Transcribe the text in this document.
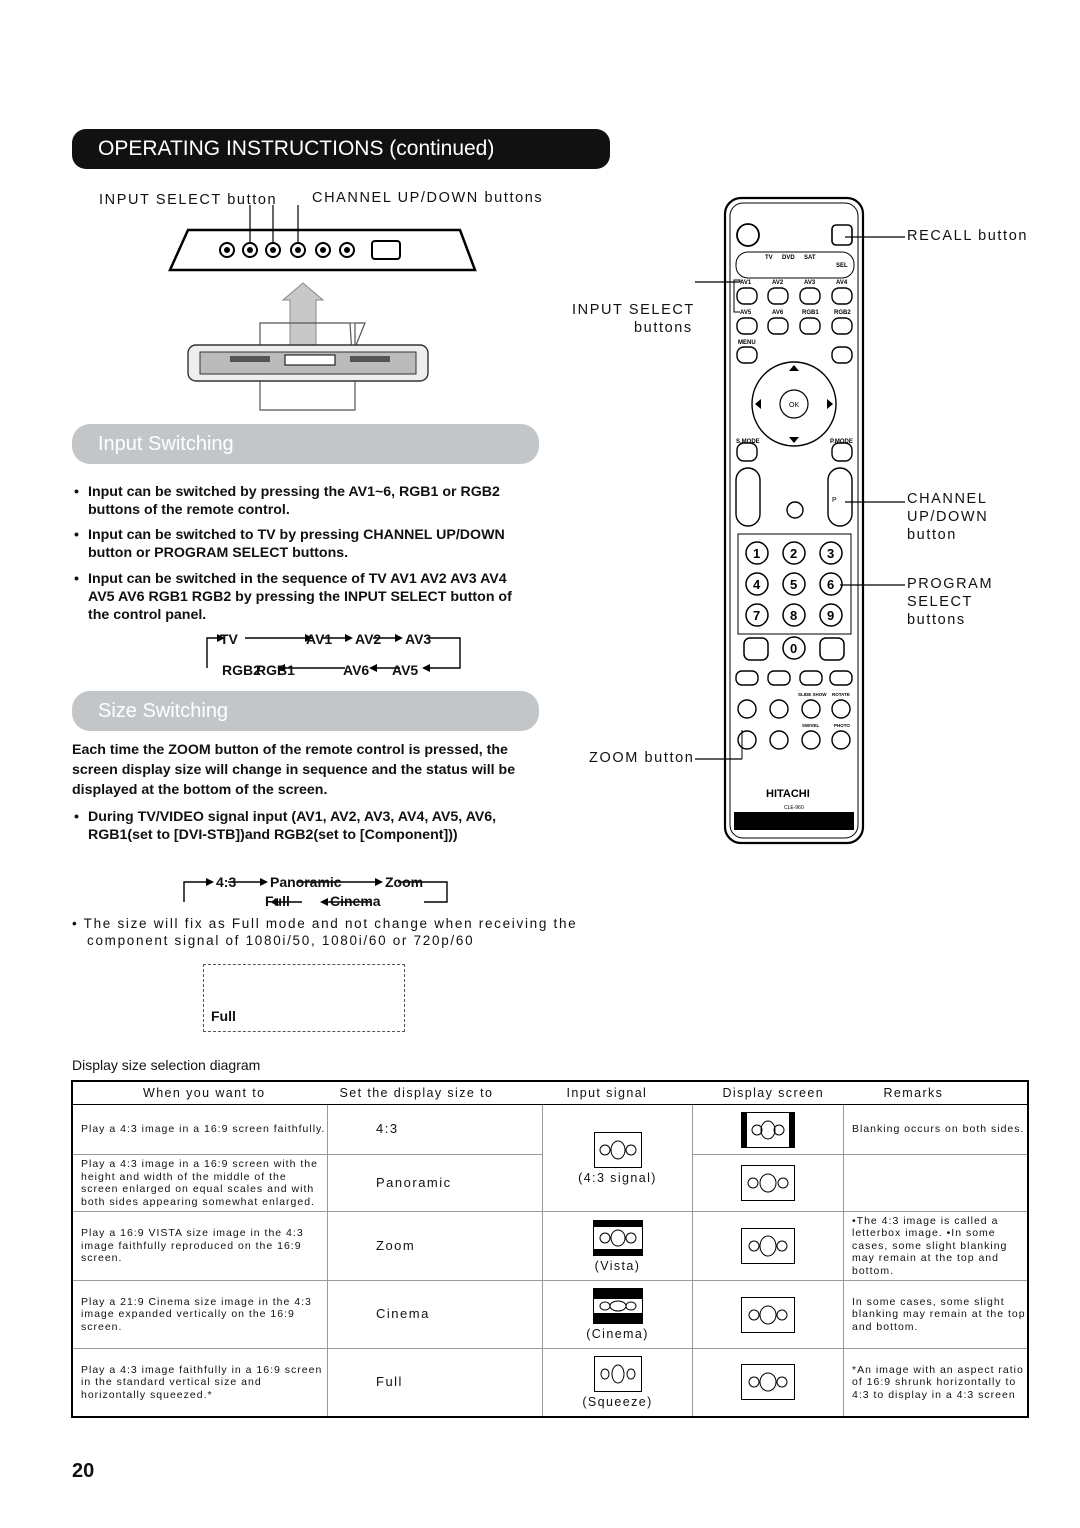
OPERATING INSTRUCTIONS (continued)
INPUT SELECT button CHANNEL UP/DOWN buttons
TV DVD SAT
SEL
AV1	AV2	AV3	AV4
AV5	AV6	RGB1	RGB2
MENU
S.MODE	P.MODE
OK
P
1 2 3
4 5 6
7 8 9
0
SLIDE SHOW ROTATE
SWIVEL	PHOTO
HITACHI
CLE-960
RECALL button
INPUT SELECT
buttons
CHANNEL
UP/DOWN
button
PROGRAM
SELECT
buttons
ZOOM button
Input Switching
• Input can be switched by pressing the AV1~6, RGB1 or RGB2 buttons of the remote control.
• Input can be switched to TV by pressing CHANNEL UP/DOWN button or PROGRAM SELECT buttons.
• Input can be switched in the sequence of TV AV1 AV2 AV3 AV4 AV5 AV6 RGB1 RGB2 by pressing the INPUT SELECT button of the control panel.
TV	AV1 AV2 AV3
RGB2
RGB1	AV6 AV5
Size Switching
Each time the ZOOM button of the remote control is pressed, the screen display size will change in sequence and the status will be displayed at the bottom of the screen.
• During TV/VIDEO signal input (AV1, AV2, AV3, AV4, AV5, AV6, RGB1(set to [DVI-STB])and RGB2(set to [Component]))
4:3 Panoramic	Zoom
Full	Cinema
• The size will fix as Full mode and not change when receiving the
component signal of 1080i/50, 1080i/60 or 720p/60
Full
Display size selection diagram
When you want to	Set the display size to	Input signal	Display screen	Remarks
Play a 4:3 image in a 16:9 screen faithfully.	4:3	(4:3 signal)		Blanking occurs on both sides.
Play a 4:3 image in a 16:9 screen with the height and width of the middle of the screen enlarged on equal scales and with both sides appearing somewhat enlarged.	Panoramic	

Play a 16:9 VISTA size image in the 4:3 image faithfully reproduced on the 16:9 screen.	Zoom	(Vista)		•The 4:3 image is called a letterbox image. •In some cases, some slight blanking may remain at the top and bottom.
Play a 21:9 Cinema size image in the 4:3 image expanded vertically on the 16:9 screen.	Cinema	(Cinema)		In some cases, some slight blanking may remain at the top and bottom.
Play a 4:3 image faithfully in a 16:9 screen in the standard vertical size and horizontally squeezed.*	Full	(Squeeze)		*An image with an aspect ratio of 16:9 shrunk horizontally to 4:3 to display in a 4:3 screen
20
